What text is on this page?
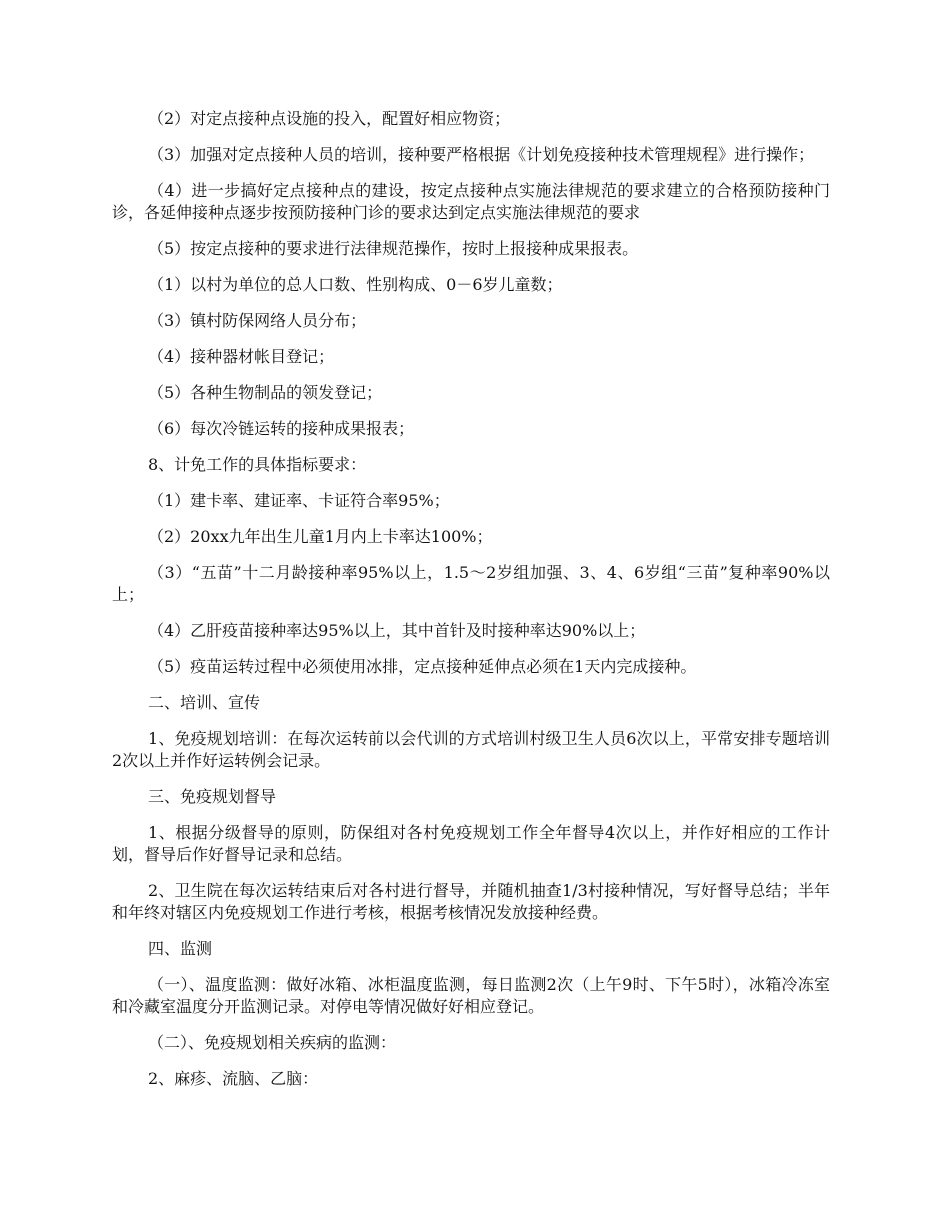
（2）对定点接种点设施的投入，配置好相应物资；

（3）加强对定点接种人员的培训，接种要严格根据《计划免疫接种技术管理规程》进行操作；

（4）进一步搞好定点接种点的建设，按定点接种点实施法律规范的要求建立的合格预防接种门诊，各延伸接种点逐步按预防接种门诊的要求达到定点实施法律规范的要求

（5）按定点接种的要求进行法律规范操作，按时上报接种成果报表。

（1）以村为单位的总人口数、性别构成、0－6岁儿童数；

（3）镇村防保网络人员分布；

（4）接种器材帐目登记；

（5）各种生物制品的领发登记；

（6）每次冷链运转的接种成果报表；

8、计免工作的具体指标要求：

（1）建卡率、建证率、卡证符合率95%；

（2）20xx九年出生儿童1月内上卡率达100%；

（3）“五苗”十二月龄接种率95%以上，1.5～2岁组加强、3、4、6岁组“三苗”复种率90%以上；

（4）乙肝疫苗接种率达95%以上，其中首针及时接种率达90%以上；

（5）疫苗运转过程中必须使用冰排，定点接种延伸点必须在1天内完成接种。

二、培训、宣传

1、免疫规划培训：在每次运转前以会代训的方式培训村级卫生人员6次以上，平常安排专题培训2次以上并作好运转例会记录。

三、免疫规划督导

1、根据分级督导的原则，防保组对各村免疫规划工作全年督导4次以上，并作好相应的工作计划，督导后作好督导记录和总结。

2、卫生院在每次运转结束后对各村进行督导，并随机抽查1/3村接种情况，写好督导总结；半年和年终对辖区内免疫规划工作进行考核，根据考核情况发放接种经费。

四、监测

（一）、温度监测：做好冰箱、冰柜温度监测，每日监测2次（上午9时、下午5时），冰箱冷冻室和冷藏室温度分开监测记录。对停电等情况做好好相应登记。

（二）、免疫规划相关疾病的监测：

2、麻疹、流脑、乙脑：
